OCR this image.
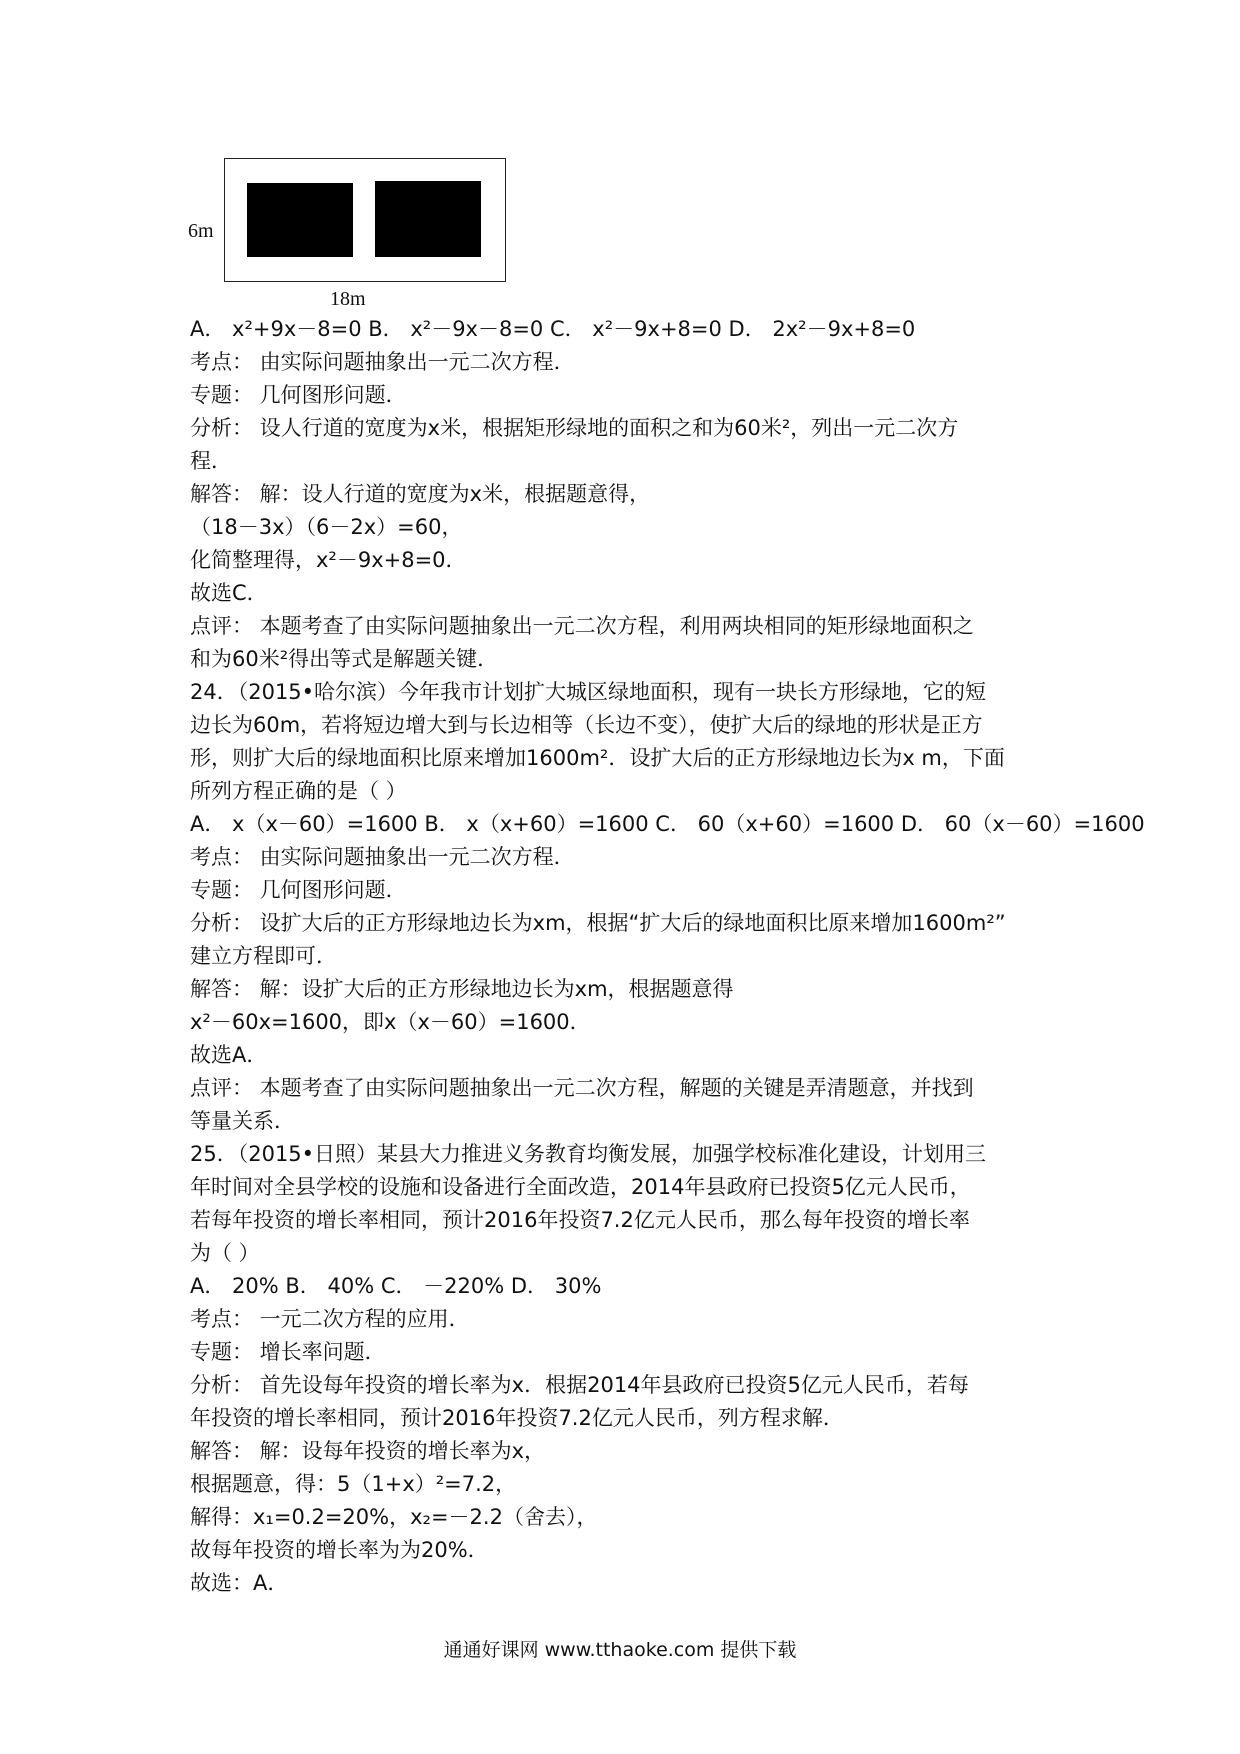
6m
18m
A． x²+9x－8=0 B． x²－9x－8=0 C． x²－9x+8=0 D． 2x²－9x+8=0
考点： 由实际问题抽象出一元二次方程．
专题： 几何图形问题．
分析： 设人行道的宽度为x米，根据矩形绿地的面积之和为60米²，列出一元二次方
程．
解答： 解：设人行道的宽度为x米，根据题意得，
（18－3x）（6－2x）=60，
化简整理得，x²－9x+8=0．
故选C．
点评： 本题考查了由实际问题抽象出一元二次方程，利用两块相同的矩形绿地面积之
和为60米²得出等式是解题关键．
24．（2015•哈尔滨）今年我市计划扩大城区绿地面积，现有一块长方形绿地，它的短
边长为60m，若将短边增大到与长边相等（长边不变），使扩大后的绿地的形状是正方
形，则扩大后的绿地面积比原来增加1600m²．设扩大后的正方形绿地边长为x m，下面
所列方程正确的是（ ）
A． x（x－60）=1600 B． x（x+60）=1600 C． 60（x+60）=1600 D． 60（x－60）=1600
考点： 由实际问题抽象出一元二次方程．
专题： 几何图形问题．
分析： 设扩大后的正方形绿地边长为xm，根据“扩大后的绿地面积比原来增加1600m²”
建立方程即可．
解答： 解：设扩大后的正方形绿地边长为xm，根据题意得
x²－60x=1600，即x（x－60）=1600．
故选A．
点评： 本题考查了由实际问题抽象出一元二次方程，解题的关键是弄清题意，并找到
等量关系．
25．（2015•日照）某县大力推进义务教育均衡发展，加强学校标准化建设，计划用三
年时间对全县学校的设施和设备进行全面改造，2014年县政府已投资5亿元人民币，
若每年投资的增长率相同，预计2016年投资7.2亿元人民币，那么每年投资的增长率
为（ ）
A． 20% B． 40% C． －220% D． 30%
考点： 一元二次方程的应用．
专题： 增长率问题．
分析： 首先设每年投资的增长率为x．根据2014年县政府已投资5亿元人民币，若每
年投资的增长率相同，预计2016年投资7.2亿元人民币，列方程求解．
解答： 解：设每年投资的增长率为x，
根据题意，得：5（1+x）²=7.2，
解得：x₁=0.2=20%，x₂=－2.2（舍去），
故每年投资的增长率为为20%．
故选：A．
通通好课网 www.tthaoke.com 提供下载
